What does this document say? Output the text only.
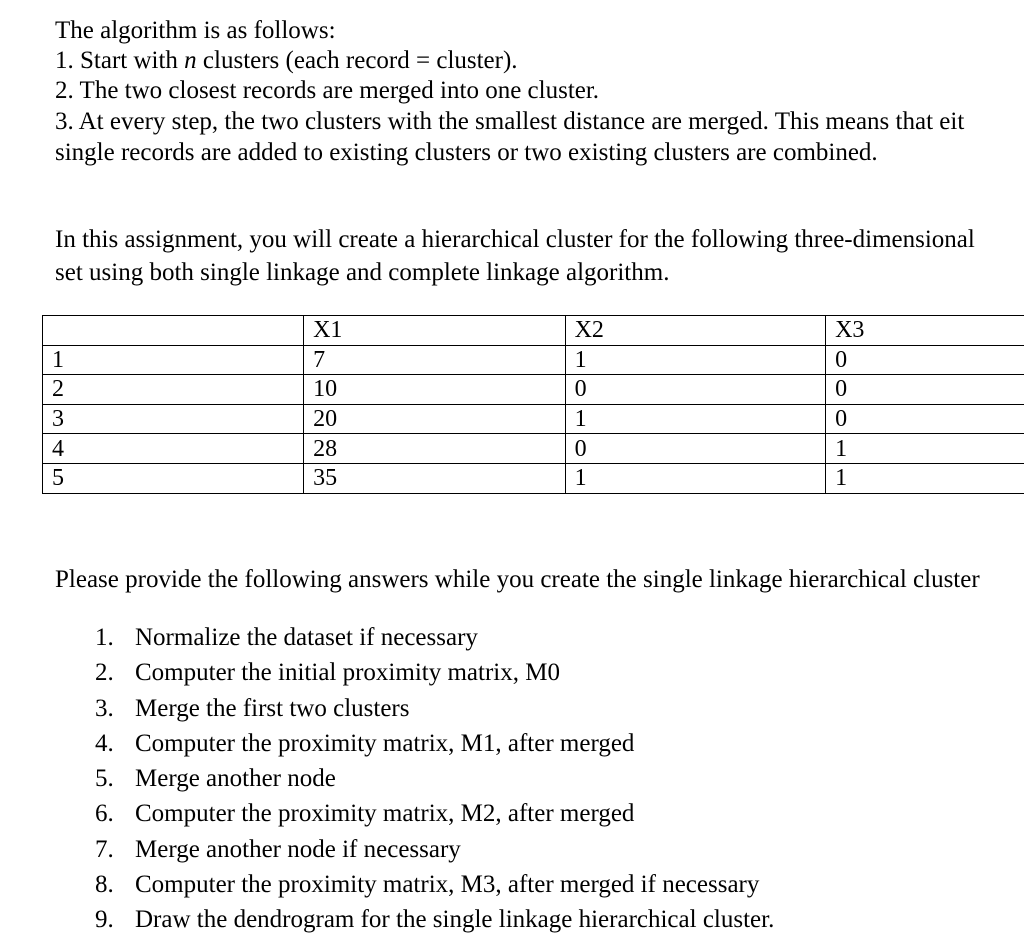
The algorithm is as follows:
1. Start with n clusters (each record = cluster).
2. The two closest records are merged into one cluster.
3. At every step, the two clusters with the smallest distance are merged. This means that eit
single records are added to existing clusters or two existing clusters are combined.
In this assignment, you will create a hierarchical cluster for the following three-dimensional
set using both single linkage and complete linkage algorithm.
	X1	X2	X3
1	7	1	0
2	10	0	0
3	20	1	0
4	28	0	1
5	35	1	1
Please provide the following answers while you create the single linkage hierarchical cluster
1. Normalize the dataset if necessary
2. Computer the initial proximity matrix, M0
3. Merge the first two clusters
4. Computer the proximity matrix, M1, after merged
5. Merge another node
6. Computer the proximity matrix, M2, after merged
7. Merge another node if necessary
8. Computer the proximity matrix, M3, after merged if necessary
9. Draw the dendrogram for the single linkage hierarchical cluster.
